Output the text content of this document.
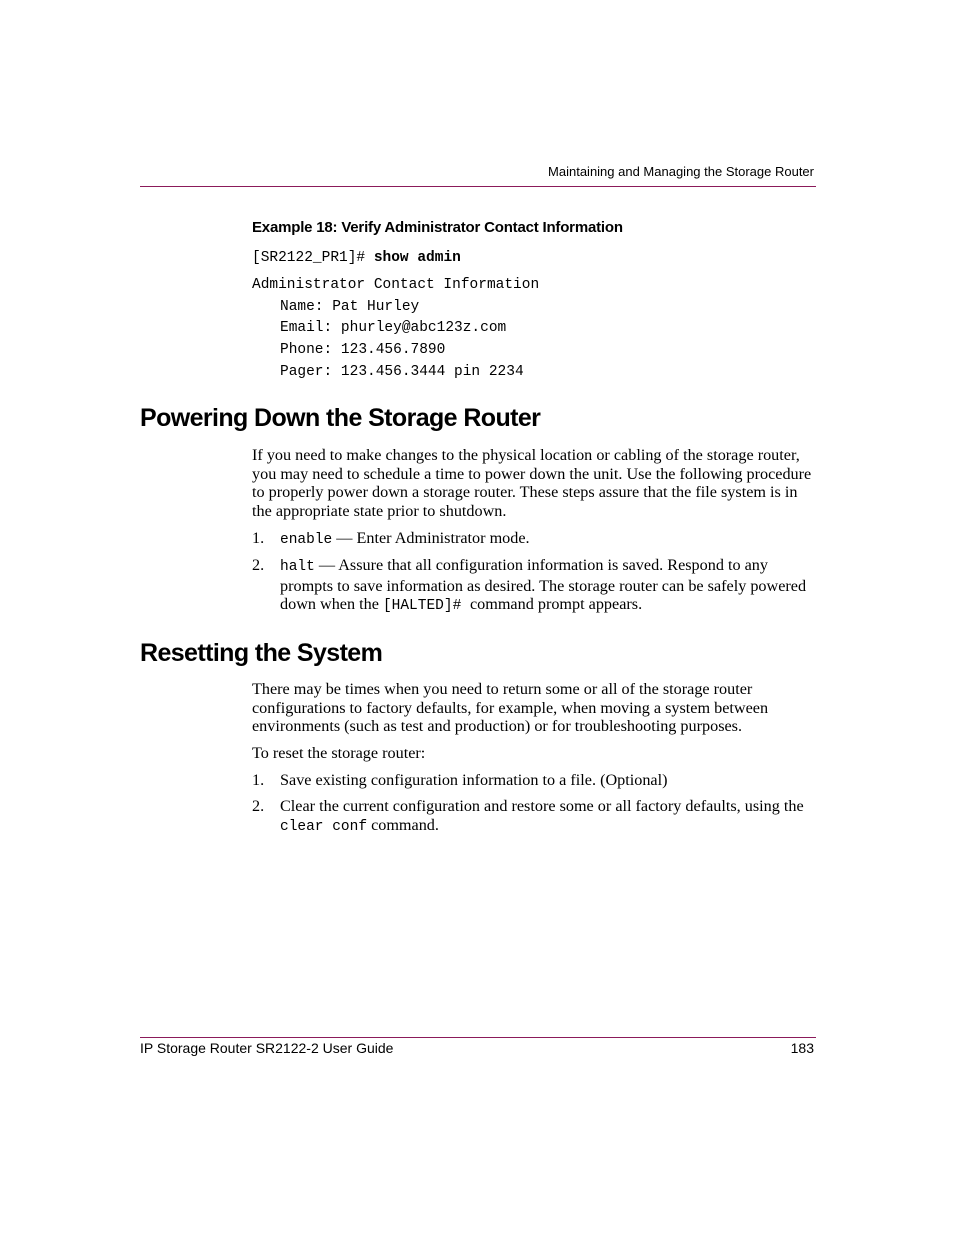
Maintaining and Managing the Storage Router
Example 18: Verify Administrator Contact Information
[SR2122_PR1]# show admin
Administrator Contact Information
Name: Pat Hurley
Email: phurley@abc123z.com
Phone: 123.456.7890
Pager: 123.456.3444 pin 2234
Powering Down the Storage Router
If you need to make changes to the physical location or cabling of the storage router, you may need to schedule a time to power down the unit. Use the following procedure to properly power down a storage router. These steps assure that the file system is in the appropriate state prior to shutdown.
1. enable — Enter Administrator mode.
2. halt — Assure that all configuration information is saved. Respond to any prompts to save information as desired. The storage router can be safely powered down when the [HALTED]# command prompt appears.
Resetting the System
There may be times when you need to return some or all of the storage router configurations to factory defaults, for example, when moving a system between environments (such as test and production) or for troubleshooting purposes.
To reset the storage router:
1. Save existing configuration information to a file. (Optional)
2. Clear the current configuration and restore some or all factory defaults, using the clear conf command.
IP Storage Router SR2122-2 User Guide	183
